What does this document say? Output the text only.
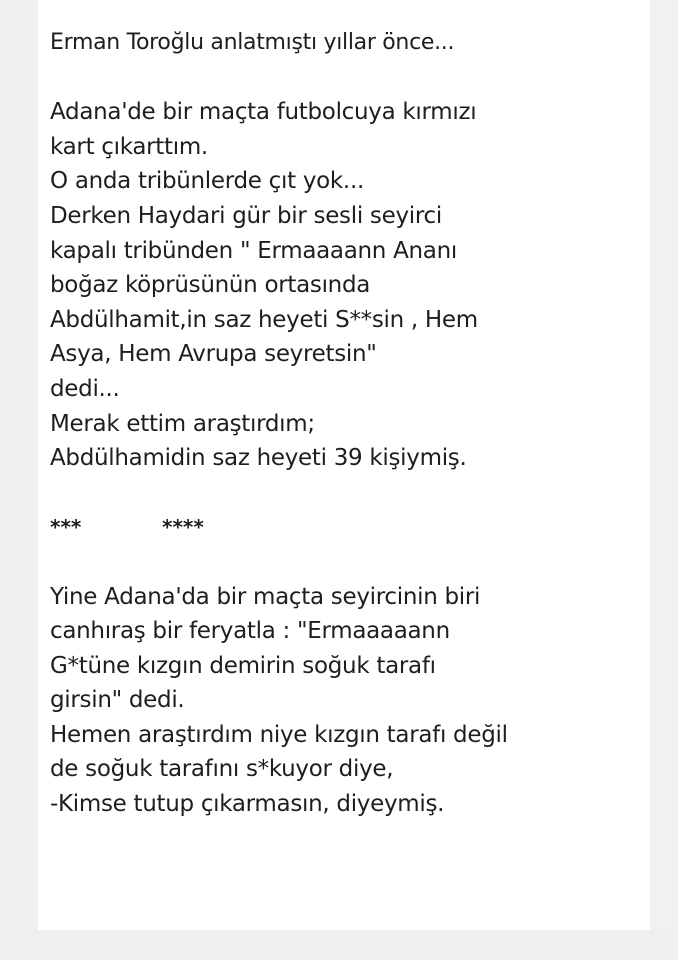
Erman Toroğlu anlatmıştı yıllar önce...
Adana'de bir maçta futbolcuya kırmızı
kart çıkarttım.
O anda tribünlerde çıt yok...
Derken Haydari gür bir sesli seyirci
kapalı tribünden " Ermaaaann Ananı
boğaz köprüsünün ortasında
Abdülhamit,in saz heyeti S**sin , Hem
Asya, Hem Avrupa seyretsin"
dedi...
Merak ettim araştırdım;
Abdülhamidin saz heyeti 39 kişiymiş.
***	****
Yine Adana'da bir maçta seyircinin biri
canhıraş bir feryatla : "Ermaaaaann
G*tüne kızgın demirin soğuk tarafı
girsin" dedi.
Hemen araştırdım niye kızgın tarafı değil
de soğuk tarafını s*kuyor diye,
-Kimse tutup çıkarmasın, diyeymiş.
